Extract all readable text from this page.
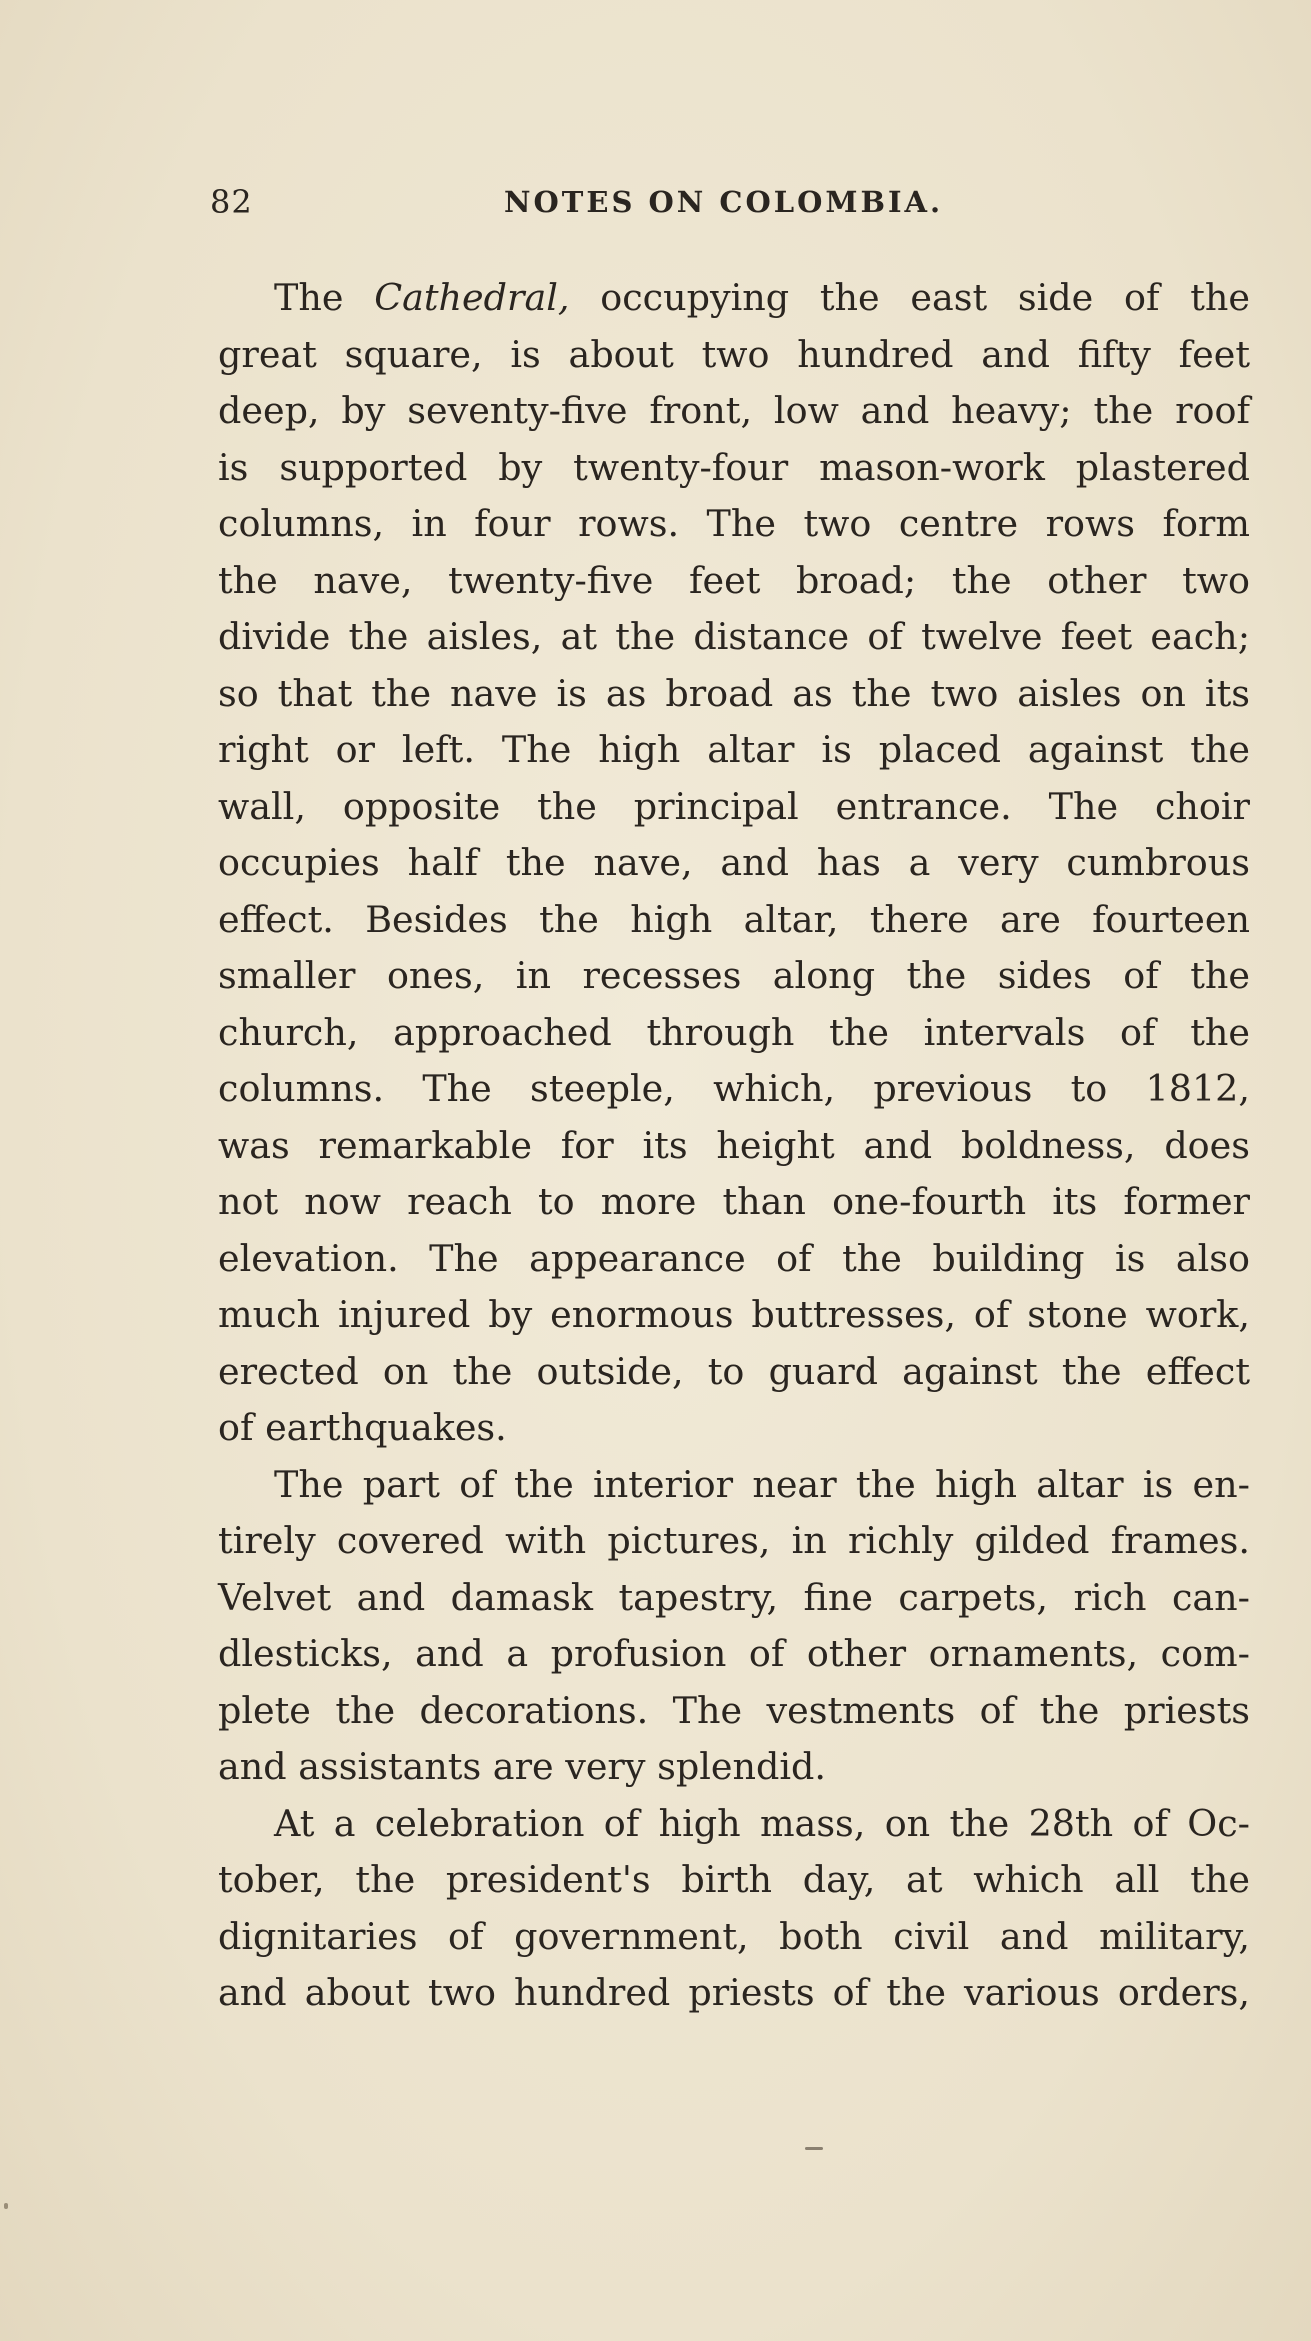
82	NOTES ON COLOMBIA.
The Cathedral, occupying the east side of the
great square, is about two hundred and fifty feet
deep, by seventy-five front, low and heavy; the roof
is supported by twenty-four mason-work plastered
columns, in four rows. The two centre rows form
the nave, twenty-five feet broad; the other two
divide the aisles, at the distance of twelve feet each;
so that the nave is as broad as the two aisles on its
right or left. The high altar is placed against the
wall, opposite the principal entrance. The choir
occupies half the nave, and has a very cumbrous
effect. Besides the high altar, there are fourteen
smaller ones, in recesses along the sides of the
church, approached through the intervals of the
columns. The steeple, which, previous to 1812,
was remarkable for its height and boldness, does
not now reach to more than one-fourth its former
elevation. The appearance of the building is also
much injured by enormous buttresses, of stone work,
erected on the outside, to guard against the effect
of earthquakes.
The part of the interior near the high altar is en-
tirely covered with pictures, in richly gilded frames.
Velvet and damask tapestry, fine carpets, rich can-
dlesticks, and a profusion of other ornaments, com-
plete the decorations. The vestments of the priests
and assistants are very splendid.
At a celebration of high mass, on the 28th of Oc-
tober, the president's birth day, at which all the
dignitaries of government, both civil and military,
and about two hundred priests of the various orders,
